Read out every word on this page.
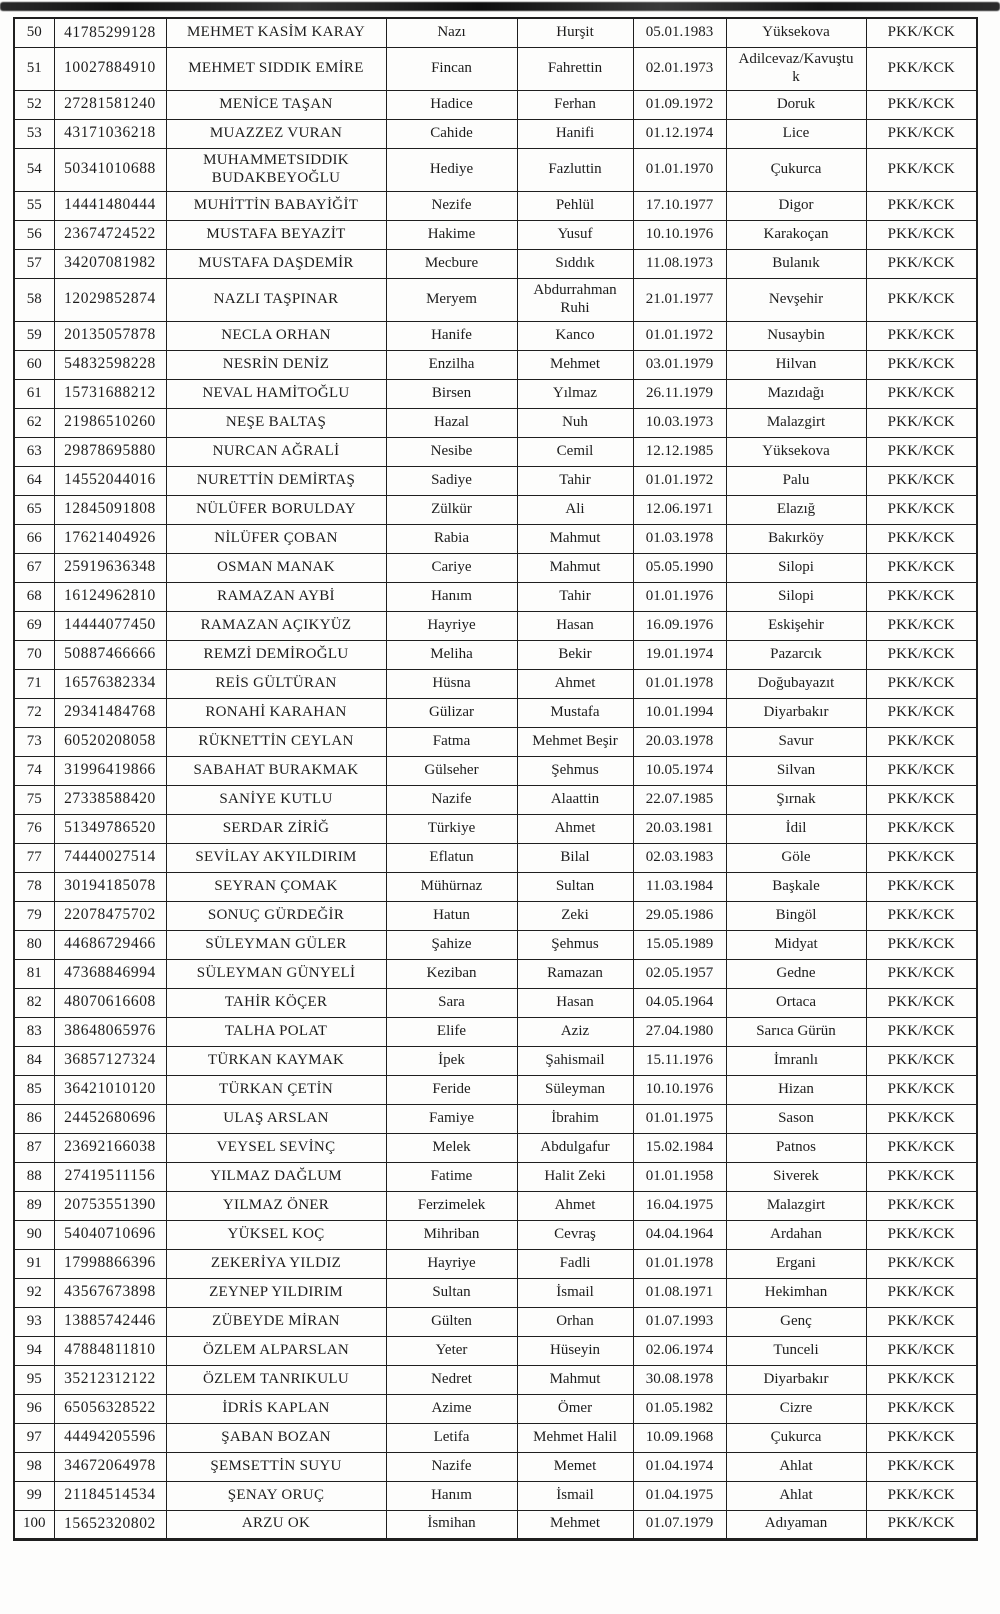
50	41785299128	MEHMET KASİM KARAY	Nazı	Hurşit	05.01.1983	Yüksekova	PKK/KCK
51	10027884910	MEHMET SIDDIK EMİRE	Fincan	Fahrettin	02.01.1973	Adilcevaz/Kavuştuk	PKK/KCK
52	27281581240	MENİCE TAŞAN	Hadice	Ferhan	01.09.1972	Doruk	PKK/KCK
53	43171036218	MUAZZEZ VURAN	Cahide	Hanifi	01.12.1974	Lice	PKK/KCK
54	50341010688	MUHAMMETSIDDIK BUDAKBEYOĞLU	Hediye	Fazluttin	01.01.1970	Çukurca	PKK/KCK
55	14441480444	MUHİTTİN BABAYİĞİT	Nezife	Pehlül	17.10.1977	Digor	PKK/KCK
56	23674724522	MUSTAFA BEYAZİT	Hakime	Yusuf	10.10.1976	Karakoçan	PKK/KCK
57	34207081982	MUSTAFA DAŞDEMİR	Mecbure	Sıddık	11.08.1973	Bulanık	PKK/KCK
58	12029852874	NAZLI TAŞPINAR	Meryem	Abdurrahman Ruhi	21.01.1977	Nevşehir	PKK/KCK
59	20135057878	NECLA ORHAN	Hanife	Kanco	01.01.1972	Nusaybin	PKK/KCK
60	54832598228	NESRİN DENİZ	Enzilha	Mehmet	03.01.1979	Hilvan	PKK/KCK
61	15731688212	NEVAL HAMİTOĞLU	Birsen	Yılmaz	26.11.1979	Mazıdağı	PKK/KCK
62	21986510260	NEŞE BALTAŞ	Hazal	Nuh	10.03.1973	Malazgirt	PKK/KCK
63	29878695880	NURCAN AĞRALİ	Nesibe	Cemil	12.12.1985	Yüksekova	PKK/KCK
64	14552044016	NURETTİN DEMİRTAŞ	Sadiye	Tahir	01.01.1972	Palu	PKK/KCK
65	12845091808	NÜLÜFER BORULDAY	Zülkür	Ali	12.06.1971	Elazığ	PKK/KCK
66	17621404926	NİLÜFER ÇOBAN	Rabia	Mahmut	01.03.1978	Bakırköy	PKK/KCK
67	25919636348	OSMAN MANAK	Cariye	Mahmut	05.05.1990	Silopi	PKK/KCK
68	16124962810	RAMAZAN AYBİ	Hanım	Tahir	01.01.1976	Silopi	PKK/KCK
69	14444077450	RAMAZAN AÇIKYÜZ	Hayriye	Hasan	16.09.1976	Eskişehir	PKK/KCK
70	50887466666	REMZİ DEMİROĞLU	Meliha	Bekir	19.01.1974	Pazarcık	PKK/KCK
71	16576382334	REİS GÜLTÜRAN	Hüsna	Ahmet	01.01.1978	Doğubayazıt	PKK/KCK
72	29341484768	RONAHİ KARAHAN	Gülizar	Mustafa	10.01.1994	Diyarbakır	PKK/KCK
73	60520208058	RÜKNETTİN CEYLAN	Fatma	Mehmet Beşir	20.03.1978	Savur	PKK/KCK
74	31996419866	SABAHAT BURAKMAK	Gülseher	Şehmus	10.05.1974	Silvan	PKK/KCK
75	27338588420	SANİYE KUTLU	Nazife	Alaattin	22.07.1985	Şırnak	PKK/KCK
76	51349786520	SERDAR ZİRİĞ	Türkiye	Ahmet	20.03.1981	İdil	PKK/KCK
77	74440027514	SEVİLAY AKYILDIRIM	Eflatun	Bilal	02.03.1983	Göle	PKK/KCK
78	30194185078	SEYRAN ÇOMAK	Mühürnaz	Sultan	11.03.1984	Başkale	PKK/KCK
79	22078475702	SONUÇ GÜRDEĞİR	Hatun	Zeki	29.05.1986	Bingöl	PKK/KCK
80	44686729466	SÜLEYMAN GÜLER	Şahize	Şehmus	15.05.1989	Midyat	PKK/KCK
81	47368846994	SÜLEYMAN GÜNYELİ	Keziban	Ramazan	02.05.1957	Gedne	PKK/KCK
82	48070616608	TAHİR KÖÇER	Sara	Hasan	04.05.1964	Ortaca	PKK/KCK
83	38648065976	TALHA POLAT	Elife	Aziz	27.04.1980	Sarıca Gürün	PKK/KCK
84	36857127324	TÜRKAN KAYMAK	İpek	Şahismail	15.11.1976	İmranlı	PKK/KCK
85	36421010120	TÜRKAN ÇETİN	Feride	Süleyman	10.10.1976	Hizan	PKK/KCK
86	24452680696	ULAŞ ARSLAN	Famiye	İbrahim	01.01.1975	Sason	PKK/KCK
87	23692166038	VEYSEL SEVİNÇ	Melek	Abdulgafur	15.02.1984	Patnos	PKK/KCK
88	27419511156	YILMAZ DAĞLUM	Fatime	Halit Zeki	01.01.1958	Siverek	PKK/KCK
89	20753551390	YILMAZ ÖNER	Ferzimelek	Ahmet	16.04.1975	Malazgirt	PKK/KCK
90	54040710696	YÜKSEL KOÇ	Mihriban	Cevraş	04.04.1964	Ardahan	PKK/KCK
91	17998866396	ZEKERİYA YILDIZ	Hayriye	Fadli	01.01.1978	Ergani	PKK/KCK
92	43567673898	ZEYNEP YILDIRIM	Sultan	İsmail	01.08.1971	Hekimhan	PKK/KCK
93	13885742446	ZÜBEYDE MİRAN	Gülten	Orhan	01.07.1993	Genç	PKK/KCK
94	47884811810	ÖZLEM ALPARSLAN	Yeter	Hüseyin	02.06.1974	Tunceli	PKK/KCK
95	35212312122	ÖZLEM TANRIKULU	Nedret	Mahmut	30.08.1978	Diyarbakır	PKK/KCK
96	65056328522	İDRİS KAPLAN	Azime	Ömer	01.05.1982	Cizre	PKK/KCK
97	44494205596	ŞABAN BOZAN	Letifa	Mehmet Halil	10.09.1968	Çukurca	PKK/KCK
98	34672064978	ŞEMSETTİN SUYU	Nazife	Memet	01.04.1974	Ahlat	PKK/KCK
99	21184514534	ŞENAY ORUÇ	Hanım	İsmail	01.04.1975	Ahlat	PKK/KCK
100	15652320802	ARZU OK	İsmihan	Mehmet	01.07.1979	Adıyaman	PKK/KCK
